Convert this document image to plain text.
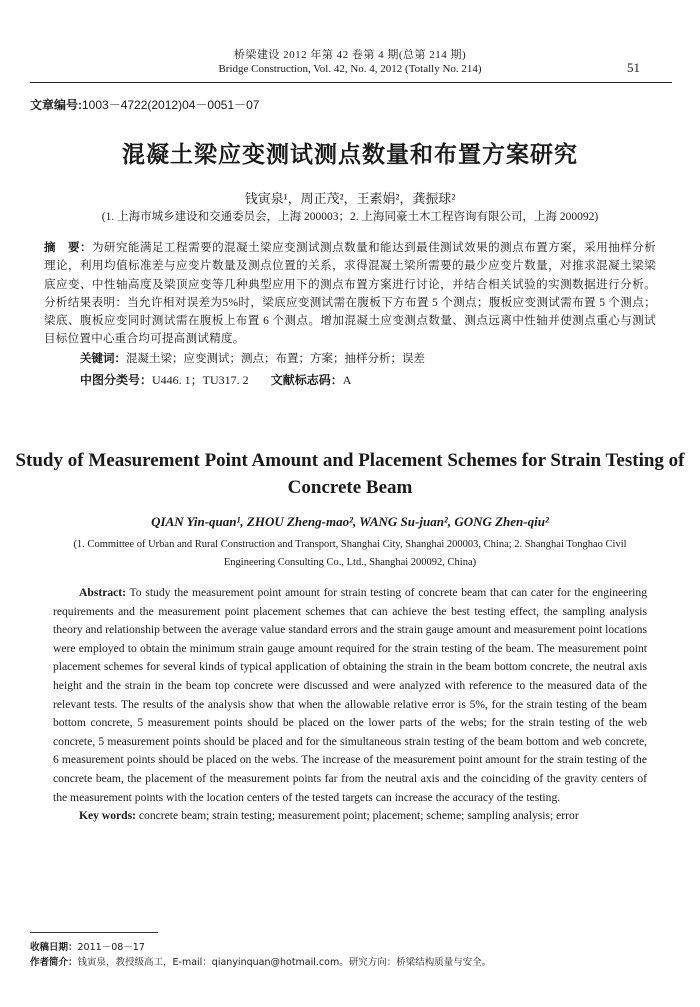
桥梁建设 2012 年第 42 卷第 4 期(总第 214 期)
Bridge Construction, Vol. 42, No. 4, 2012 (Totally No. 214)	51
文章编号:1003－4722(2012)04－0051－07
混凝土梁应变测试测点数量和布置方案研究
钱寅泉¹，周正茂²，王素娟²，龚振球²
(1. 上海市城乡建设和交通委员会，上海 200003；2. 上海同豪土木工程咨询有限公司，上海 200092)
摘　要：为研究能满足工程需要的混凝土梁应变测试测点数量和能达到最佳测试效果的测点布置方案，采用抽样分析理论，利用均值标准差与应变片数量及测点位置的关系，求得混凝土梁所需要的最少应变片数量，对推求混凝土梁梁底应变、中性轴高度及梁顶应变等几种典型应用下的测点布置方案进行讨论，并结合相关试验的实测数据进行分析。分析结果表明：当允许相对误差为5%时，梁底应变测试需在腹板下方布置 5 个测点；腹板应变测试需布置 5 个测点；梁底、腹板应变同时测试需在腹板上布置 6 个测点。增加混凝土应变测点数量、测点远离中性轴并使测点重心与测试目标位置中心重合均可提高测试精度。
关键词：混凝土梁；应变测试；测点；布置；方案；抽样分析；误差
中图分类号：U446. 1；TU317. 2 文献标志码：A
Study of Measurement Point Amount and Placement Schemes for Strain Testing of Concrete Beam
QIAN Yin-quan¹, ZHOU Zheng-mao², WANG Su-juan², GONG Zhen-qiu²
(1. Committee of Urban and Rural Construction and Transport, Shanghai City, Shanghai 200003, China; 2. Shanghai Tonghao Civil Engineering Consulting Co., Ltd., Shanghai 200092, China)

Abstract: To study the measurement point amount for strain testing of concrete beam that can cater for the engineering requirements and the measurement point placement schemes that can achieve the best testing effect, the sampling analysis theory and relationship between the average value standard errors and the strain gauge amount and measurement point locations were employed to obtain the minimum strain gauge amount required for the strain testing of the beam. The measurement point placement schemes for several kinds of typical application of obtaining the strain in the beam bottom concrete, the neutral axis height and the strain in the beam top concrete were discussed and were analyzed with reference to the measured data of the relevant tests. The results of the analysis show that when the allowable relative error is 5%, for the strain testing of the beam bottom concrete, 5 measurement points should be placed on the lower parts of the webs; for the strain testing of the web concrete, 5 measurement points should be placed and for the simultaneous strain testing of the beam bottom and web concrete, 6 measurement points should be placed on the webs. The increase of the measurement point amount for the strain testing of the concrete beam, the placement of the measurement points far from the neutral axis and the coinciding of the gravity centers of the measurement points with the location centers of the tested targets can increase the accuracy of the testing.

Key words: concrete beam; strain testing; measurement point; placement; scheme; sampling analysis; error

收稿日期：2011－08－17
作者简介：钱寅泉，教授级高工，E-mail：qianyinquan@hotmail.com。研究方向：桥梁结构质量与安全。
